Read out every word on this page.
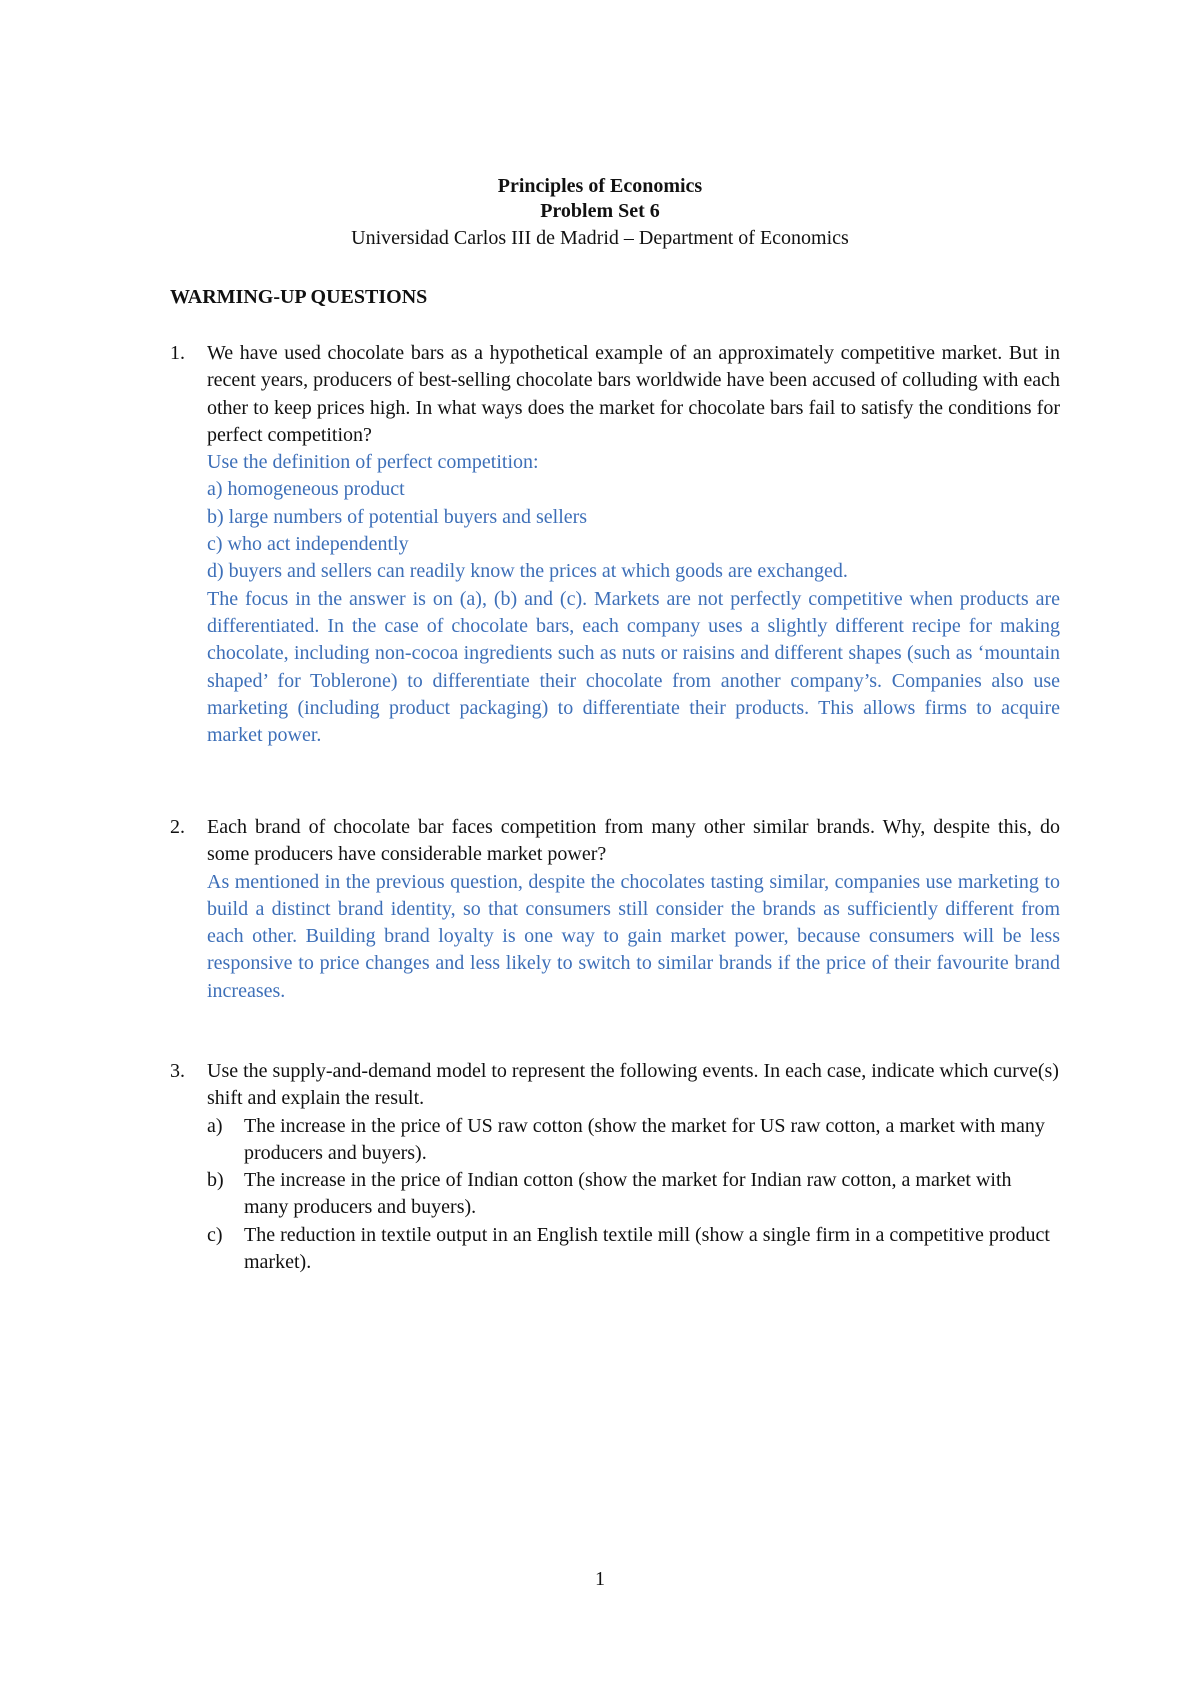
Principles of Economics
Problem Set 6
Universidad Carlos III de Madrid – Department of Economics
WARMING-UP QUESTIONS
1. We have used chocolate bars as a hypothetical example of an approximately competitive market. But in recent years, producers of best-selling chocolate bars worldwide have been accused of colluding with each other to keep prices high. In what ways does the market for chocolate bars fail to satisfy the conditions for perfect competition?
Use the definition of perfect competition:
a) homogeneous product
b) large numbers of potential buyers and sellers
c) who act independently
d) buyers and sellers can readily know the prices at which goods are exchanged.
The focus in the answer is on (a), (b) and (c). Markets are not perfectly competitive when products are differentiated. In the case of chocolate bars, each company uses a slightly different recipe for making chocolate, including non-cocoa ingredients such as nuts or raisins and different shapes (such as ‘mountain shaped’ for Toblerone) to differentiate their chocolate from another company’s. Companies also use marketing (including product packaging) to differentiate their products. This allows firms to acquire market power.
2. Each brand of chocolate bar faces competition from many other similar brands. Why, despite this, do some producers have considerable market power?
As mentioned in the previous question, despite the chocolates tasting similar, companies use marketing to build a distinct brand identity, so that consumers still consider the brands as sufficiently different from each other. Building brand loyalty is one way to gain market power, because consumers will be less responsive to price changes and less likely to switch to similar brands if the price of their favourite brand increases.
3. Use the supply-and-demand model to represent the following events. In each case, indicate which curve(s) shift and explain the result.
a) The increase in the price of US raw cotton (show the market for US raw cotton, a market with many producers and buyers).
b) The increase in the price of Indian cotton (show the market for Indian raw cotton, a market with many producers and buyers).
c) The reduction in textile output in an English textile mill (show a single firm in a competitive product market).
1
